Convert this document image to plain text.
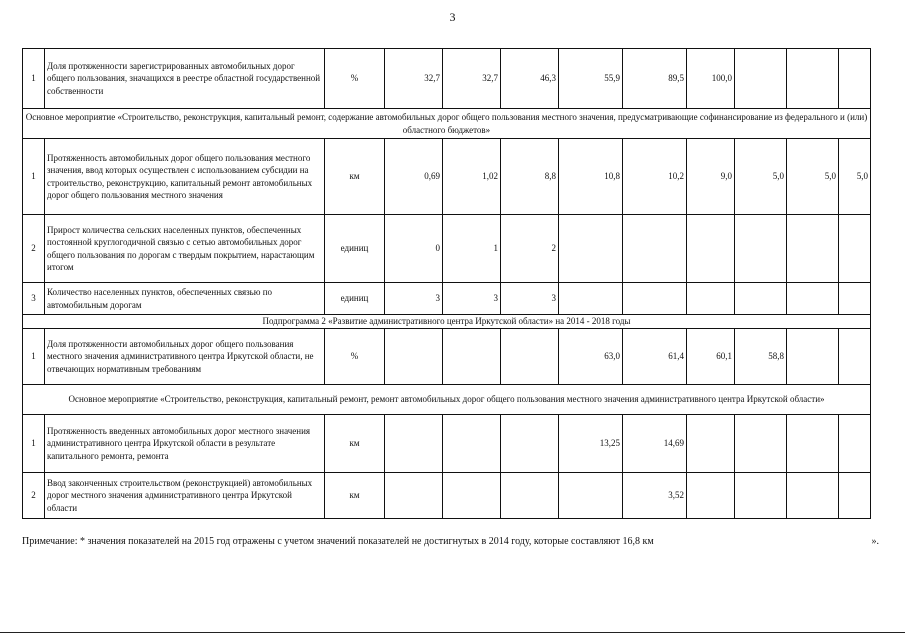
3
1	Доля протяженности зарегистрированных автомобильных дорог общего пользования, значащихся в реестре областной государственной собственности	%	32,7	32,7	46,3	55,9	89,5	100,0			
Основное мероприятие «Строительство, реконструкция, капитальный ремонт, содержание автомобильных дорог общего пользования местного значения, предусматривающие софинансирование из федерального и (или) областного бюджетов»											
1	Протяженность автомобильных дорог общего пользования местного значения, ввод которых осуществлен с использованием субсидии на строительство, реконструкцию, капитальный ремонт автомобильных дорог общего пользования местного значения	км	0,69	1,02	8,8	10,8	10,2	9,0	5,0	5,0	5,0
2	Прирост количества сельских населенных пунктов, обеспеченных постоянной круглогодичной связью с сетью автомобильных дорог общего пользования по дорогам с твердым покрытием, нарастающим итогом	единиц	0	1	2						
3	Количество населенных пунктов, обеспеченных связью по автомобильным дорогам	единиц	3	3	3						
Подпрограмма 2 «Развитие административного центра Иркутской области» на 2014 - 2018 годы											
1	Доля протяженности автомобильных дорог общего пользования местного значения административного центра Иркутской области, не отвечающих нормативным требованиям	%				63,0	61,4	60,1	58,8		
Основное мероприятие «Строительство, реконструкция, капитальный ремонт, ремонт автомобильных дорог общего пользования местного значения административного центра Иркутской области»											
1	Протяженность введенных автомобильных дорог местного значения административного центра Иркутской области в результате капитального ремонта, ремонта	км				13,25	14,69				
2	Ввод законченных строительством (реконструкцией) автомобильных дорог местного значения административного центра Иркутской области	км					3,52				
Примечание: * значения показателей на 2015 год отражены с учетом значений показателей не достигнутых в 2014 году, которые составляют 16,8 км	».
